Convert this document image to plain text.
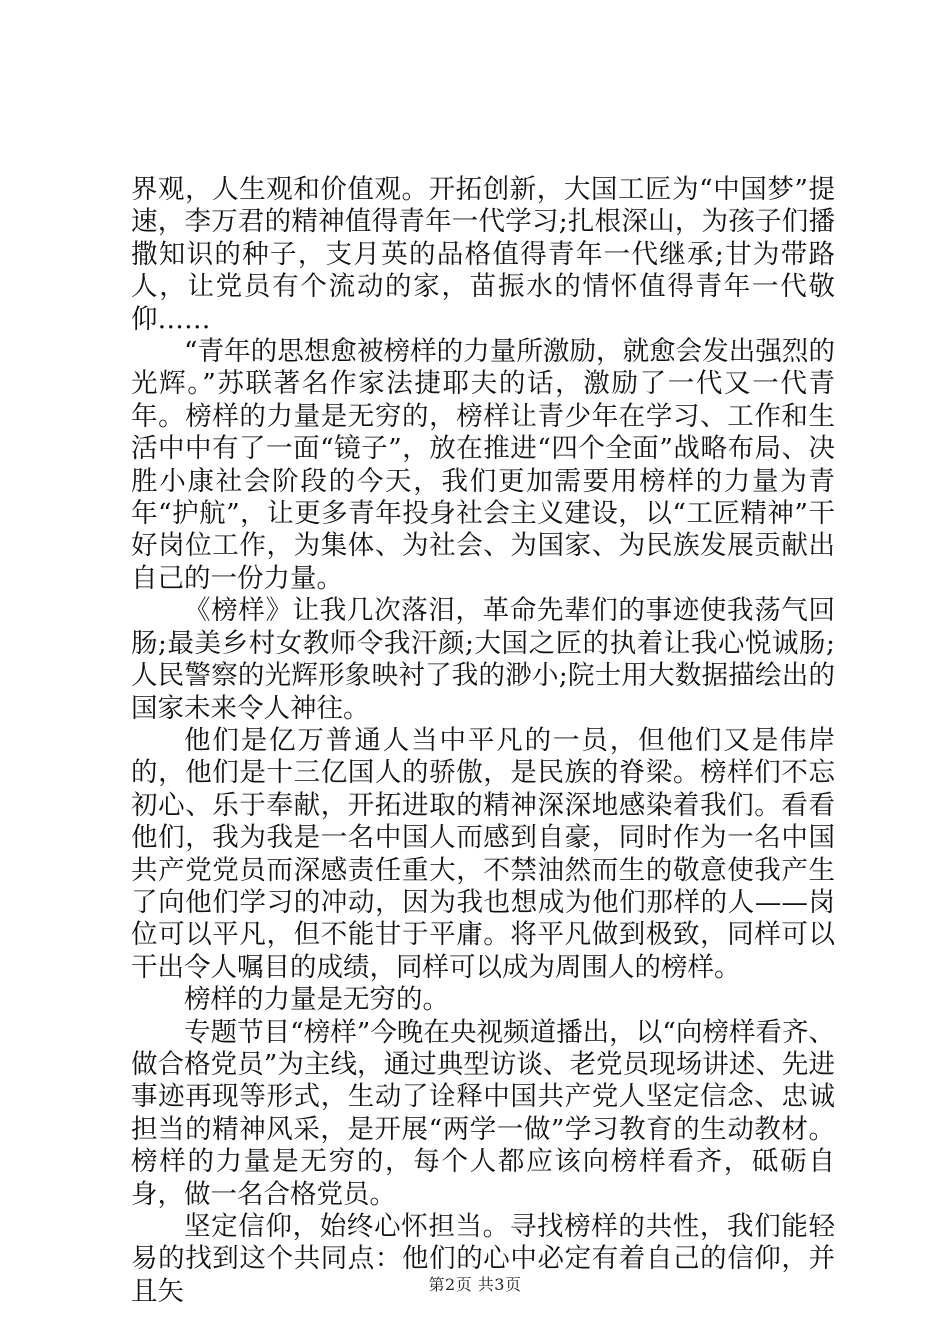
界观，人生观和价值观。开拓创新，大国工匠为“中国梦”提速，李万君的精神值得青年一代学习;扎根深山，为孩子们播撒知识的种子，支月英的品格值得青年一代继承;甘为带路人，让党员有个流动的家，苗振水的情怀值得青年一代敬仰……

“青年的思想愈被榜样的力量所激励，就愈会发出强烈的光辉。”苏联著名作家法捷耶夫的话，激励了一代又一代青年。榜样的力量是无穷的，榜样让青少年在学习、工作和生活中中有了一面“镜子”，放在推进“四个全面”战略布局、决胜小康社会阶段的今天，我们更加需要用榜样的力量为青年“护航”，让更多青年投身社会主义建设，以“工匠精神”干好岗位工作，为集体、为社会、为国家、为民族发展贡献出自己的一份力量。

《榜样》让我几次落泪，革命先辈们的事迹使我荡气回肠;最美乡村女教师令我汗颜;大国之匠的执着让我心悦诚肠;人民警察的光辉形象映衬了我的渺小;院士用大数据描绘出的国家未来令人神往。

他们是亿万普通人当中平凡的一员，但他们又是伟岸的，他们是十三亿国人的骄傲，是民族的脊梁。榜样们不忘初心、乐于奉献，开拓进取的精神深深地感染着我们。看看他们，我为我是一名中国人而感到自豪，同时作为一名中国共产党党员而深感责任重大，不禁油然而生的敬意使我产生了向他们学习的冲动，因为我也想成为他们那样的人——岗位可以平凡，但不能甘于平庸。将平凡做到极致，同样可以干出令人嘱目的成绩，同样可以成为周围人的榜样。

榜样的力量是无穷的。

专题节目“榜样”今晚在央视频道播出，以“向榜样看齐、做合格党员”为主线，通过典型访谈、老党员现场讲述、先进事迹再现等形式，生动了诠释中国共产党人坚定信念、忠诚担当的精神风采，是开展“两学一做”学习教育的生动教材。榜样的力量是无穷的，每个人都应该向榜样看齐，砥砺自身，做一名合格党员。

坚定信仰，始终心怀担当。寻找榜样的共性，我们能轻易的找到这个共同点：他们的心中必定有着自己的信仰，并且矢	第2页 共3页
